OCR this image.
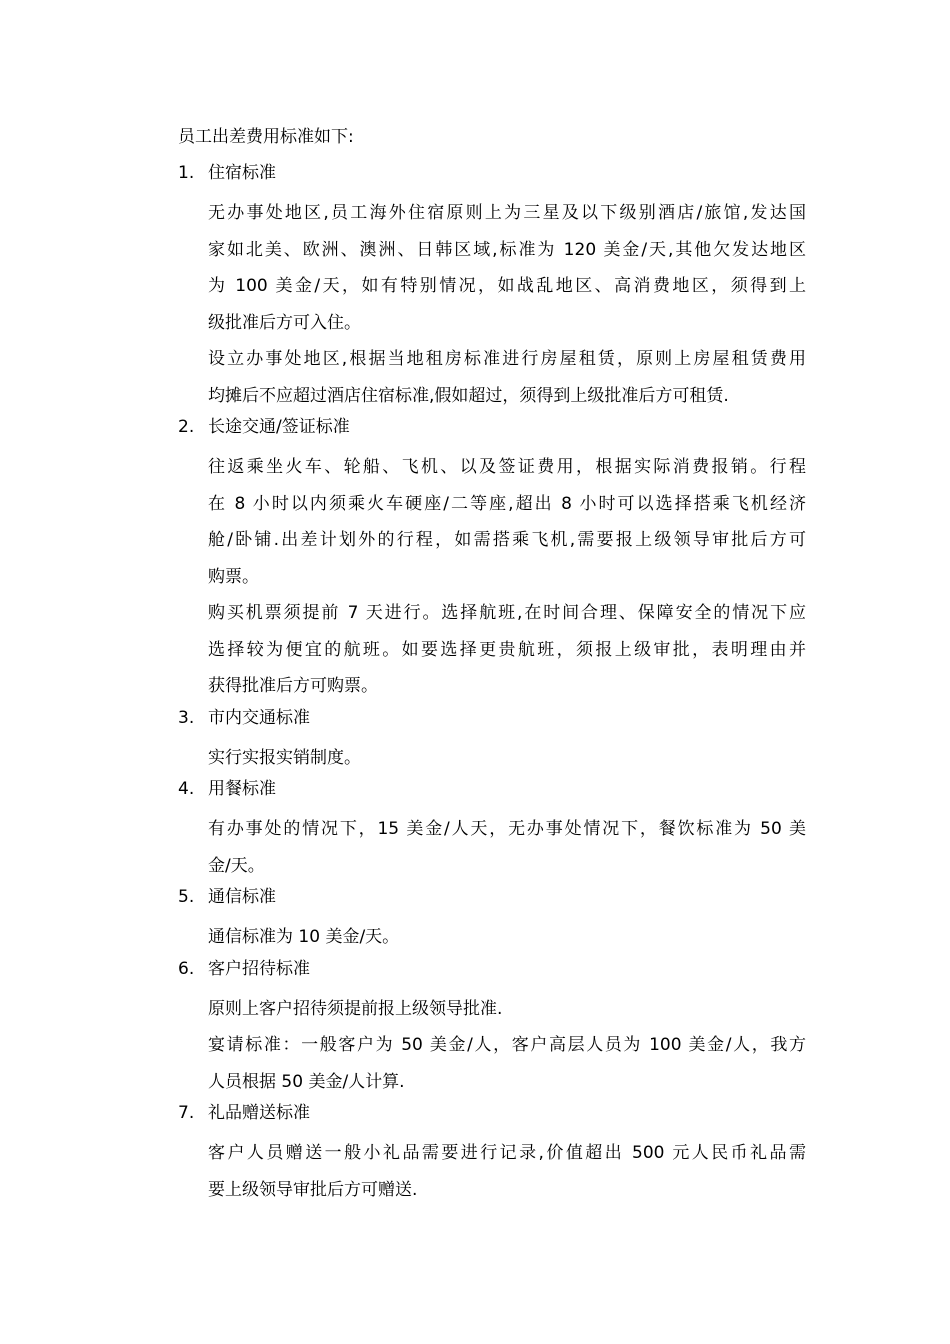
员工出差费用标准如下:

1. 住宿标准
无办事处地区,员工海外住宿原则上为三星及以下级别酒店/旅馆,发达国
家如北美、欧洲、澳洲、日韩区域,标准为 120 美金/天,其他欠发达地区
为 100 美金/天，如有特别情况，如战乱地区、高消费地区，须得到上
级批准后方可入住。
设立办事处地区,根据当地租房标准进行房屋租赁，原则上房屋租赁费用
均摊后不应超过酒店住宿标准,假如超过，须得到上级批准后方可租赁.
2. 长途交通/签证标准
往返乘坐火车、轮船、飞机、以及签证费用，根据实际消费报销。行程
在 8 小时以内须乘火车硬座/二等座,超出 8 小时可以选择搭乘飞机经济
舱/卧铺.出差计划外的行程，如需搭乘飞机,需要报上级领导审批后方可
购票。
购买机票须提前 7 天进行。选择航班,在时间合理、保障安全的情况下应
选择较为便宜的航班。如要选择更贵航班，须报上级审批，表明理由并
获得批准后方可购票。
3. 市内交通标准
实行实报实销制度。
4. 用餐标准
有办事处的情况下，15 美金/人天，无办事处情况下，餐饮标准为 50 美
金/天。
5. 通信标准
通信标准为 10 美金/天。
6. 客户招待标准
原则上客户招待须提前报上级领导批准.
宴请标准：一般客户为 50 美金/人，客户高层人员为 100 美金/人，我方
人员根据 50 美金/人计算.
7. 礼品赠送标准
客户人员赠送一般小礼品需要进行记录,价值超出 500 元人民币礼品需
要上级领导审批后方可赠送.
